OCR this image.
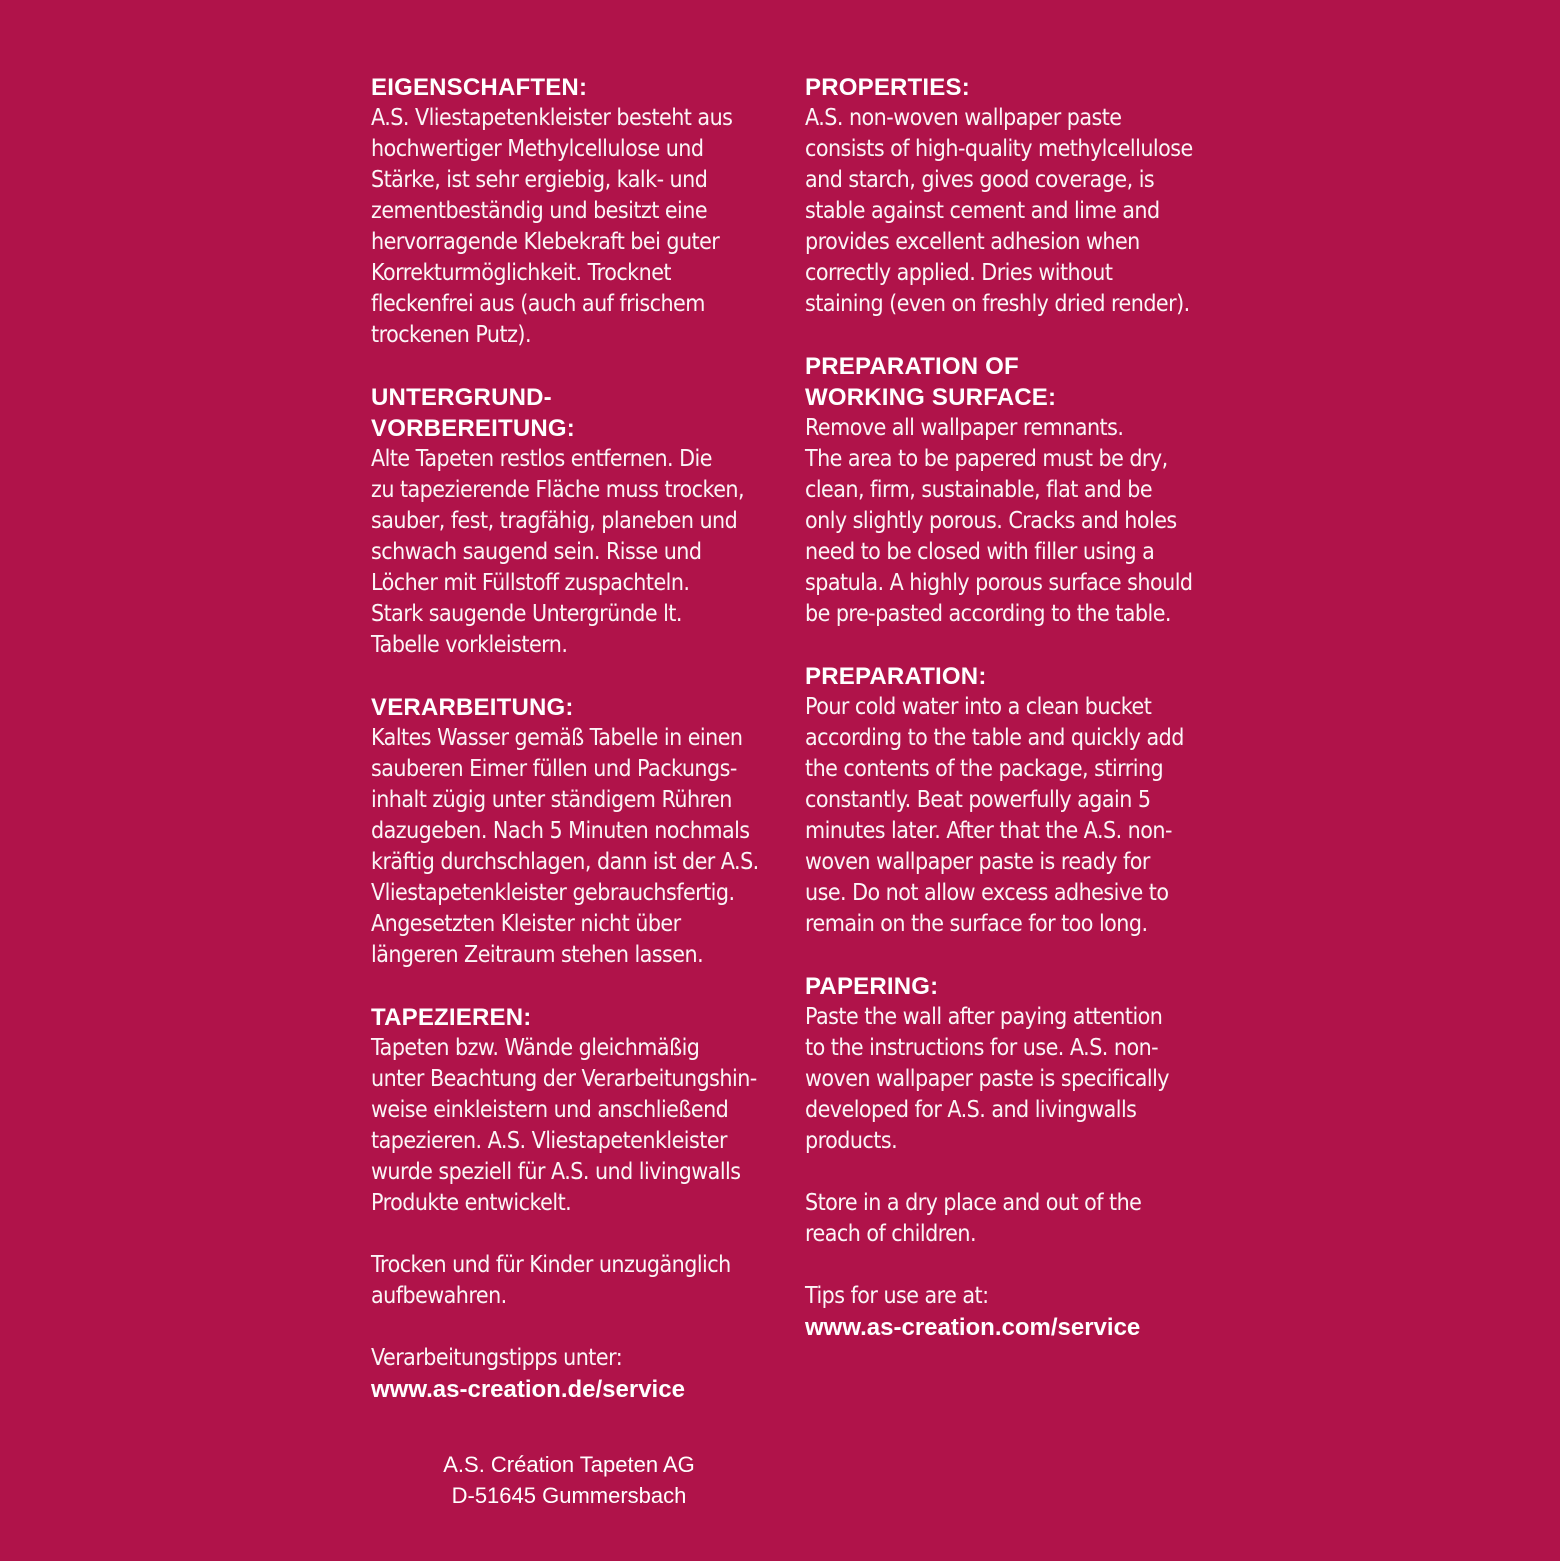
EIGENSCHAFTEN:

A.S. Vliestapetenkleister besteht aus
hochwertiger Methylcellulose und
Stärke, ist sehr ergiebig, kalk- und
zementbeständig und besitzt eine
hervorragende Klebekraft bei guter
Korrekturmöglichkeit. Trocknet
fleckenfrei aus (auch auf frischem
trockenen Putz).

UNTERGRUND-
VORBEREITUNG:

Alte Tapeten restlos entfernen. Die
zu tapezierende Fläche muss trocken,
sauber, fest, tragfähig, planeben und
schwach saugend sein. Risse und
Löcher mit Füllstoff zuspachteln.
Stark saugende Untergründe lt.
Tabelle vorkleistern.

VERARBEITUNG:

Kaltes Wasser gemäß Tabelle in einen
sauberen Eimer füllen und Packungs-
inhalt zügig unter ständigem Rühren
dazugeben. Nach 5 Minuten nochmals
kräftig durchschlagen, dann ist der A.S.
Vliestapetenkleister gebrauchsfertig.
Angesetzten Kleister nicht über
längeren Zeitraum stehen lassen.

TAPEZIEREN:

Tapeten bzw. Wände gleichmäßig
unter Beachtung der Verarbeitungshin-
weise einkleistern und anschließend
tapezieren. A.S. Vliestapetenkleister
wurde speziell für A.S. und livingwalls
Produkte entwickelt.

Trocken und für Kinder unzugänglich
aufbewahren.

Verarbeitungstipps unter:

www.as-creation.de/service

PROPERTIES:

A.S. non-woven wallpaper paste
consists of high-quality methylcellulose
and starch, gives good coverage, is
stable against cement and lime and
provides excellent adhesion when
correctly applied. Dries without
staining (even on freshly dried render).

PREPARATION OF
WORKING SURFACE:

Remove all wallpaper remnants.
The area to be papered must be dry,
clean, firm, sustainable, flat and be
only slightly porous. Cracks and holes
need to be closed with filler using a
spatula. A highly porous surface should
be pre-pasted according to the table.

PREPARATION:

Pour cold water into a clean bucket
according to the table and quickly add
the contents of the package, stirring
constantly. Beat powerfully again 5
minutes later. After that the A.S. non-
woven wallpaper paste is ready for
use. Do not allow excess adhesive to
remain on the surface for too long.

PAPERING:

Paste the wall after paying attention
to the instructions for use. A.S. non-
woven wallpaper paste is specifically
developed for A.S. and livingwalls
products.

Store in a dry place and out of the
reach of children.

Tips for use are at:

www.as-creation.com/service

A.S. Création Tapeten AG
D-51645 Gummersbach
